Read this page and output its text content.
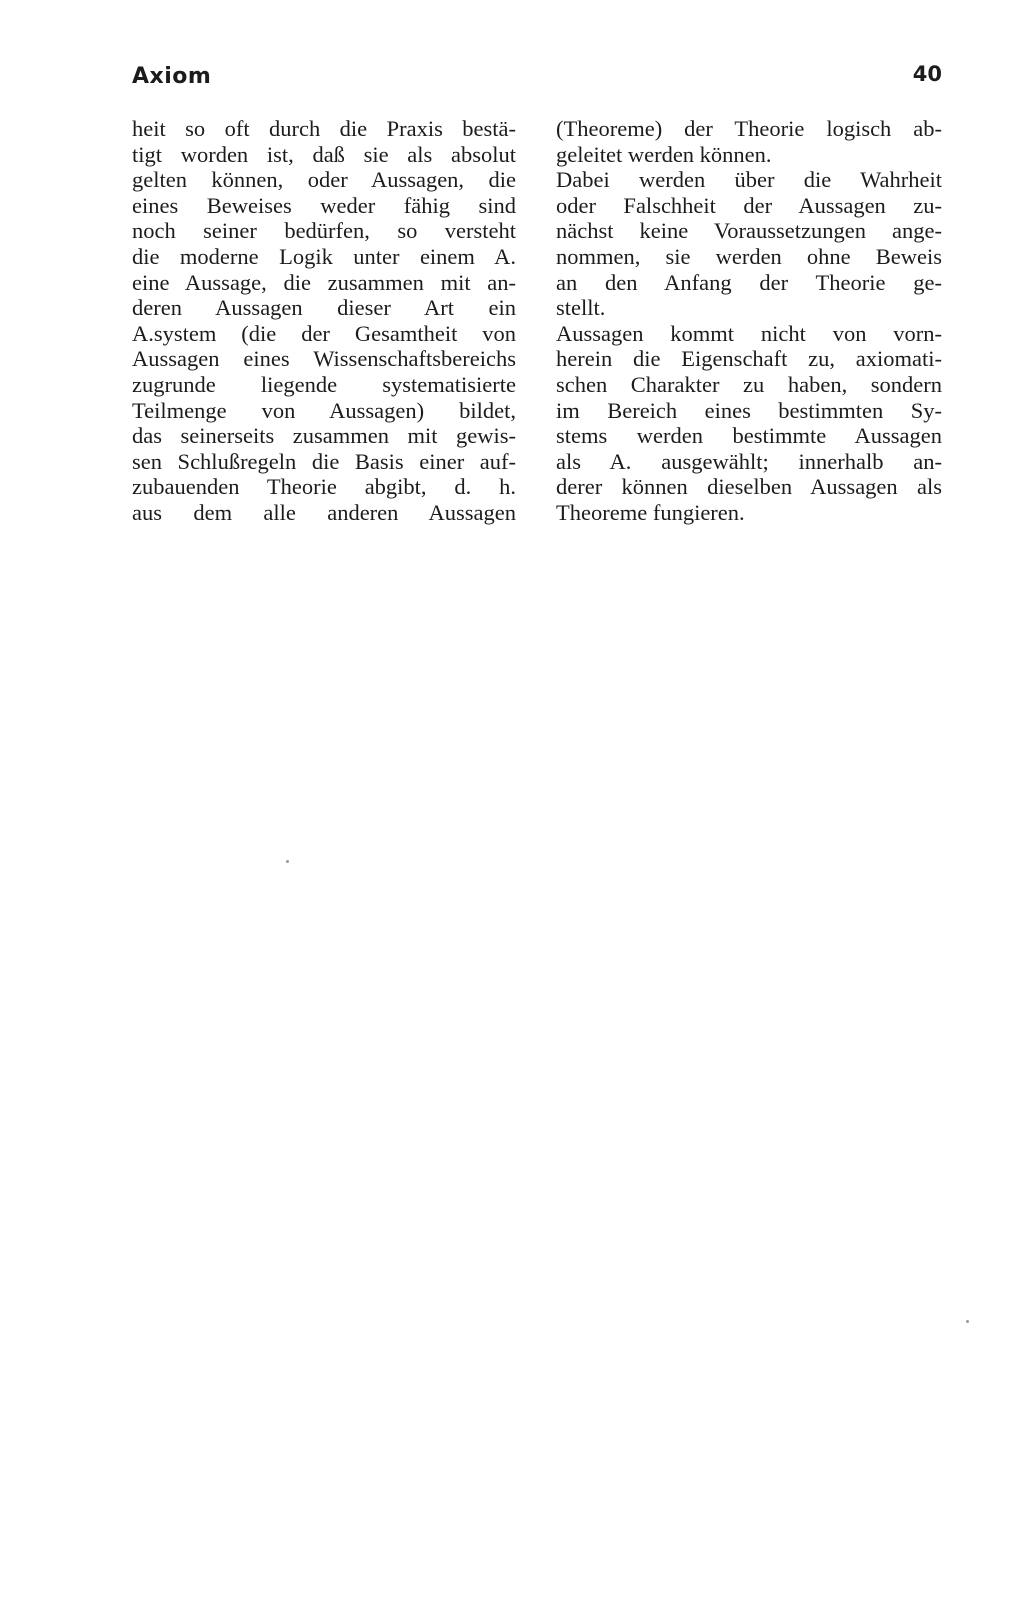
Axiom	40
heit so oft durch die Praxis bestä-
tigt worden ist, daß sie als absolut
gelten können, oder Aussagen, die
eines Beweises weder fähig sind
noch seiner bedürfen, so versteht
die moderne Logik unter einem A.
eine Aussage, die zusammen mit an-
deren Aussagen dieser Art ein
A.system (die der Gesamtheit von
Aussagen eines Wissenschaftsbereichs
zugrunde liegende systematisierte
Teilmenge von Aussagen) bildet,
das seinerseits zusammen mit gewis-
sen Schlußregeln die Basis einer auf-
zubauenden Theorie abgibt, d. h.
aus dem alle anderen Aussagen
(Theoreme) der Theorie logisch ab-
geleitet werden können.
Dabei werden über die Wahrheit
oder Falschheit der Aussagen zu-
nächst keine Voraussetzungen ange-
nommen, sie werden ohne Beweis
an den Anfang der Theorie ge-
stellt.
Aussagen kommt nicht von vorn-
herein die Eigenschaft zu, axiomati-
schen Charakter zu haben, sondern
im Bereich eines bestimmten Sy-
stems werden bestimmte Aussagen
als A. ausgewählt; innerhalb an-
derer können dieselben Aussagen als
Theoreme fungieren.
